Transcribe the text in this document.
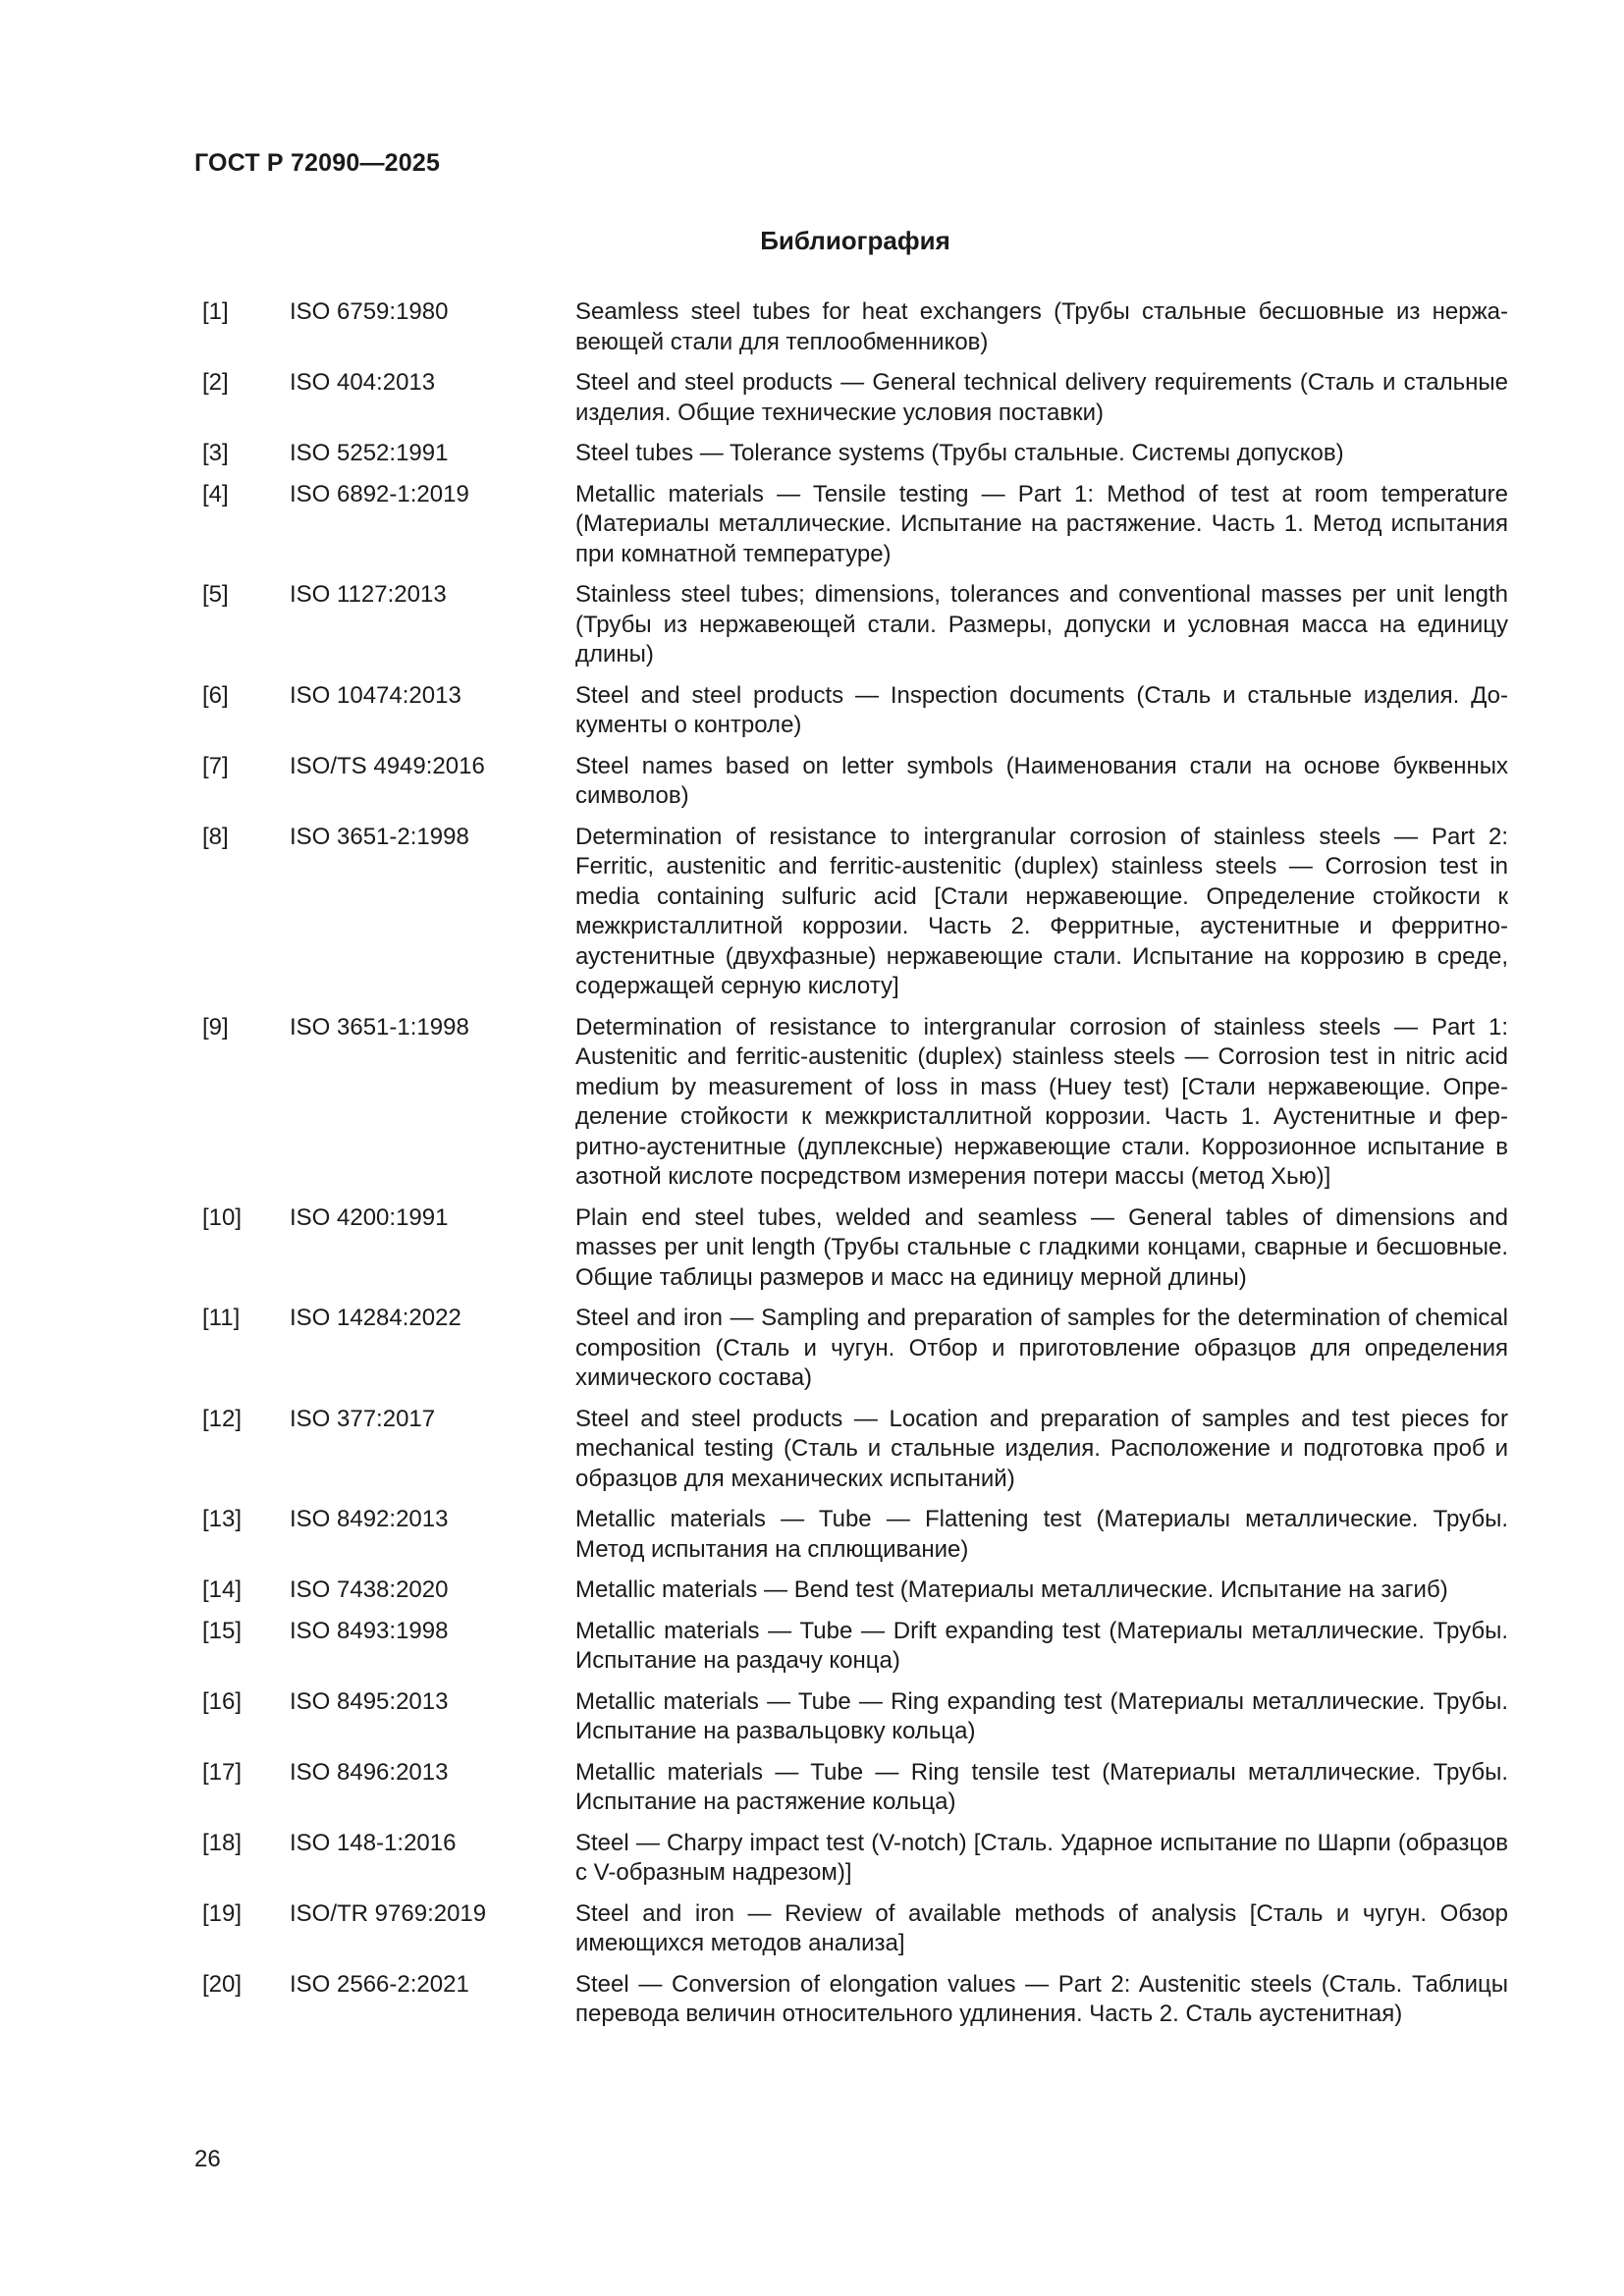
ГОСТ Р 72090—2025
Библиография
[1]	ISO 6759:1980	Seamless steel tubes for heat exchangers (Трубы стальные бесшовные из нержавеющей стали для теплообменников)
[2]	ISO 404:2013	Steel and steel products — General technical delivery requirements (Сталь и стальные изделия. Общие технические условия поставки)
[3]	ISO 5252:1991	Steel tubes — Tolerance systems (Трубы стальные. Системы допусков)
[4]	ISO 6892-1:2019	Metallic materials — Tensile testing — Part 1: Method of test at room temperature (Материалы металлические. Испытание на растяжение. Часть 1. Метод испытания при комнатной температуре)
[5]	ISO 1127:2013	Stainless steel tubes; dimensions, tolerances and conventional masses per unit length (Трубы из нержавеющей стали. Размеры, допуски и условная масса на единицу длины)
[6]	ISO 10474:2013	Steel and steel products — Inspection documents (Сталь и стальные изделия. Документы о контроле)
[7]	ISO/TS 4949:2016	Steel names based on letter symbols (Наименования стали на основе буквенных символов)
[8]	ISO 3651-2:1998	Determination of resistance to intergranular corrosion of stainless steels — Part 2: Ferritic, austenitic and ferritic-austenitic (duplex) stainless steels — Corrosion test in media containing sulfuric acid [Стали нержавеющие. Определение стойкости к межкристаллитной коррозии. Часть 2. Ферритные, аустенитные и ферритно-аустенитные (двухфазные) нержавеющие стали. Испытание на коррозию в среде, содержащей серную кислоту]
[9]	ISO 3651-1:1998	Determination of resistance to intergranular corrosion of stainless steels — Part 1: Austenitic and ferritic-austenitic (duplex) stainless steels — Corrosion test in nitric acid medium by measurement of loss in mass (Huey test) [Стали нержавеющие. Определение стойкости к межкристаллитной коррозии. Часть 1. Аустенитные и ферритно-аустенитные (дуплексные) нержавеющие стали. Коррозионное испытание в азотной кислоте посредством измерения потери массы (метод Хью)]
[10]	ISO 4200:1991	Plain end steel tubes, welded and seamless — General tables of dimensions and masses per unit length (Трубы стальные с гладкими концами, сварные и бесшовные. Общие таблицы размеров и масс на единицу мерной длины)
[11]	ISO 14284:2022	Steel and iron — Sampling and preparation of samples for the determination of chemical composition (Сталь и чугун. Отбор и приготовление образцов для определения химического состава)
[12]	ISO 377:2017	Steel and steel products — Location and preparation of samples and test pieces for mechanical testing (Сталь и стальные изделия. Расположение и подготовка проб и образцов для механических испытаний)
[13]	ISO 8492:2013	Metallic materials — Tube — Flattening test (Материалы металлические. Трубы. Метод испытания на сплющивание)
[14]	ISO 7438:2020	Metallic materials — Bend test (Материалы металлические. Испытание на загиб)
[15]	ISO 8493:1998	Metallic materials — Tube — Drift expanding test (Материалы металлические. Трубы. Испытание на раздачу конца)
[16]	ISO 8495:2013	Metallic materials — Tube — Ring expanding test (Материалы металлические. Трубы. Испытание на развальцовку кольца)
[17]	ISO 8496:2013	Metallic materials — Tube — Ring tensile test (Материалы металлические. Трубы. Испытание на растяжение кольца)
[18]	ISO 148-1:2016	Steel — Charpy impact test (V-notch) [Сталь. Ударное испытание по Шарпи (образцов с V-образным надрезом)]
[19]	ISO/TR 9769:2019	Steel and iron — Review of available methods of analysis [Сталь и чугун. Обзор имеющихся методов анализа]
[20]	ISO 2566-2:2021	Steel — Conversion of elongation values — Part 2: Austenitic steels (Сталь. Таблицы перевода величин относительного удлинения. Часть 2. Сталь аустенитная)
26
